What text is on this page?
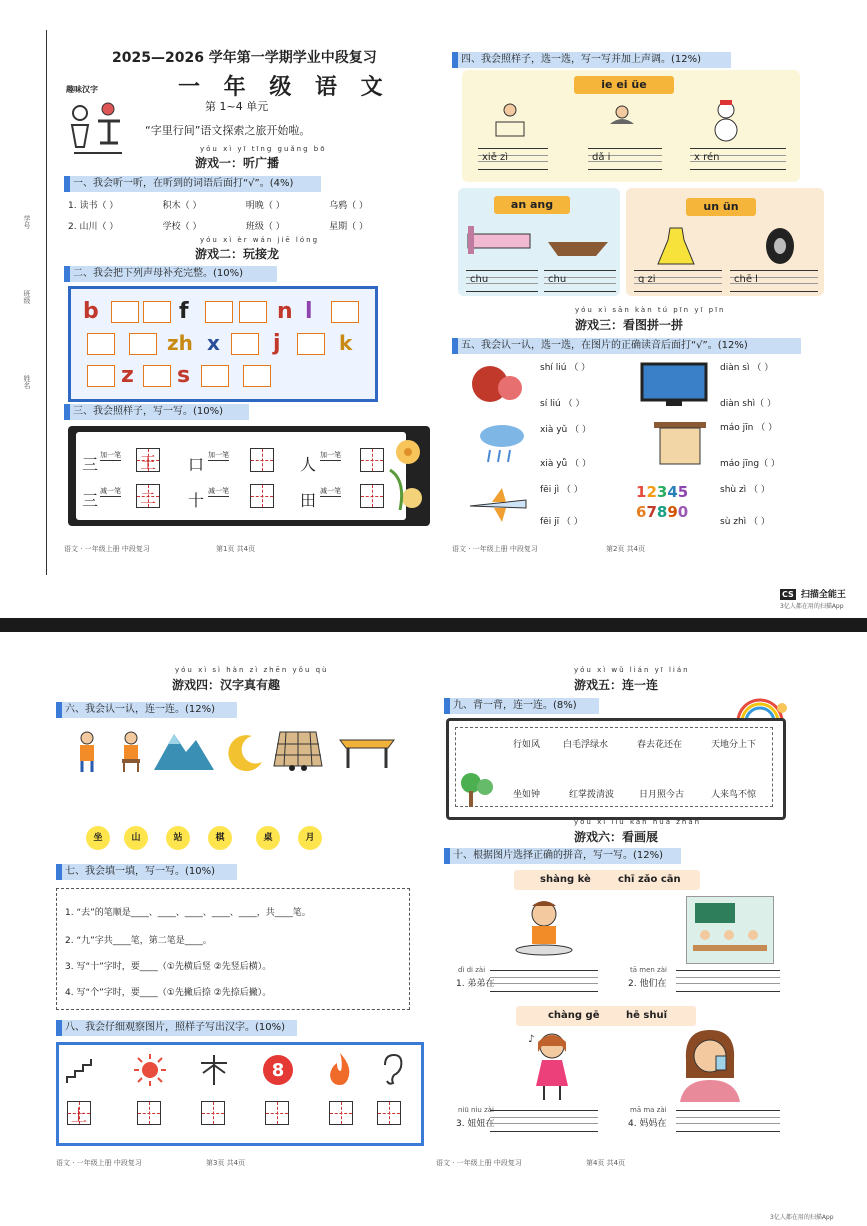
学号
班级
姓名
2025—2026 学年第一学期学业中段复习
一 年 级 语 文
第 1~4 单元
“字里行间”语文探索之旅开始啦。
趣味汉字
yóu xì yī tīng guǎng bō
游戏一：听广播
一、我会听一听，在听到的词语后面打“√”。(4%)
1. 读书（ ）	积木（ ）	明晚（ ）	乌鸦（ ）
2. 山川（ ）	学校（ ）	班级（ ）	星期（ ）
yóu xì èr wán jiē lóng
游戏二：玩接龙
二、我会把下列声母补充完整。(10%)
b	f	n l
zh x j	k
z s
三、我会照样子，写一写。(10%)
三 加一笔 王 口 加一笔	人 加一笔
三 减一笔 二 十 减一笔	田 减一笔
语文 · 一年级上册 中段复习	第1页 共4页
四、我会照样子，选一选，写一写并加上声调。(12%)
ie ei üe
xiě zì	dǎ i	x rén
an ang
chu	chu
un ün
q zi	chē l
yóu xì sān kàn tú pīn yī pīn
游戏三：看图拼一拼
五、我会认一认，选一选，在图片的正确读音后面打“√”。(12%)
shí liú （ ）
sí liú （ ）
diàn sì （ ）
diàn shì（ ）
xià yǔ （ ）
xià yǚ （ ）
máo jīn （ ）
máo jīng（ ）
fēi jì （ ）
fēi jī （ ）
12345
67890
shù zì （ ）
sù zhì （ ）
语文 · 一年级上册 中段复习	第2页 共4页
CS 扫描全能王
3亿人都在用的扫描App
yóu xì sì hàn zì zhēn yǒu qù
游戏四：汉字真有趣
六、我会认一认，连一连。(12%)
坐	山	站	棋	桌	月
七、我会填一填，写一写。(10%)
1. “去”的笔顺是____、____、____、____、____，共____笔。
2. “九”字共____笔，第二笔是____。
3. 写“十”字时，要____（①先横后竖 ②先竖后横）。
4. 写“个”字时，要____（①先撇后捺 ②先捺后撇）。
八、我会仔细观察图片，照样子写出汉字。(10%)
8
上
语文 · 一年级上册 中段复习	第3页 共4页
yóu xì wǔ lián yī lián
游戏五：连一连
九、背一背，连一连。(8%)
行如风	白毛浮绿水	春去花还在	天地分上下
坐如钟	红掌拨清波	日月照今古	人来鸟不惊
yóu xì liù kàn huà zhǎn
游戏六：看画展
十、根据图片选择正确的拼音，写一写。(12%)
shàng kè	chī zǎo cān
dì di zài
1. 弟弟在
tā men zài
2. 他们在
chàng gē	hē shuǐ
♪
niū niu zài
3. 妞妞在
mā ma zài
4. 妈妈在
语文 · 一年级上册 中段复习	第4页 共4页
3亿人都在用的扫描App
